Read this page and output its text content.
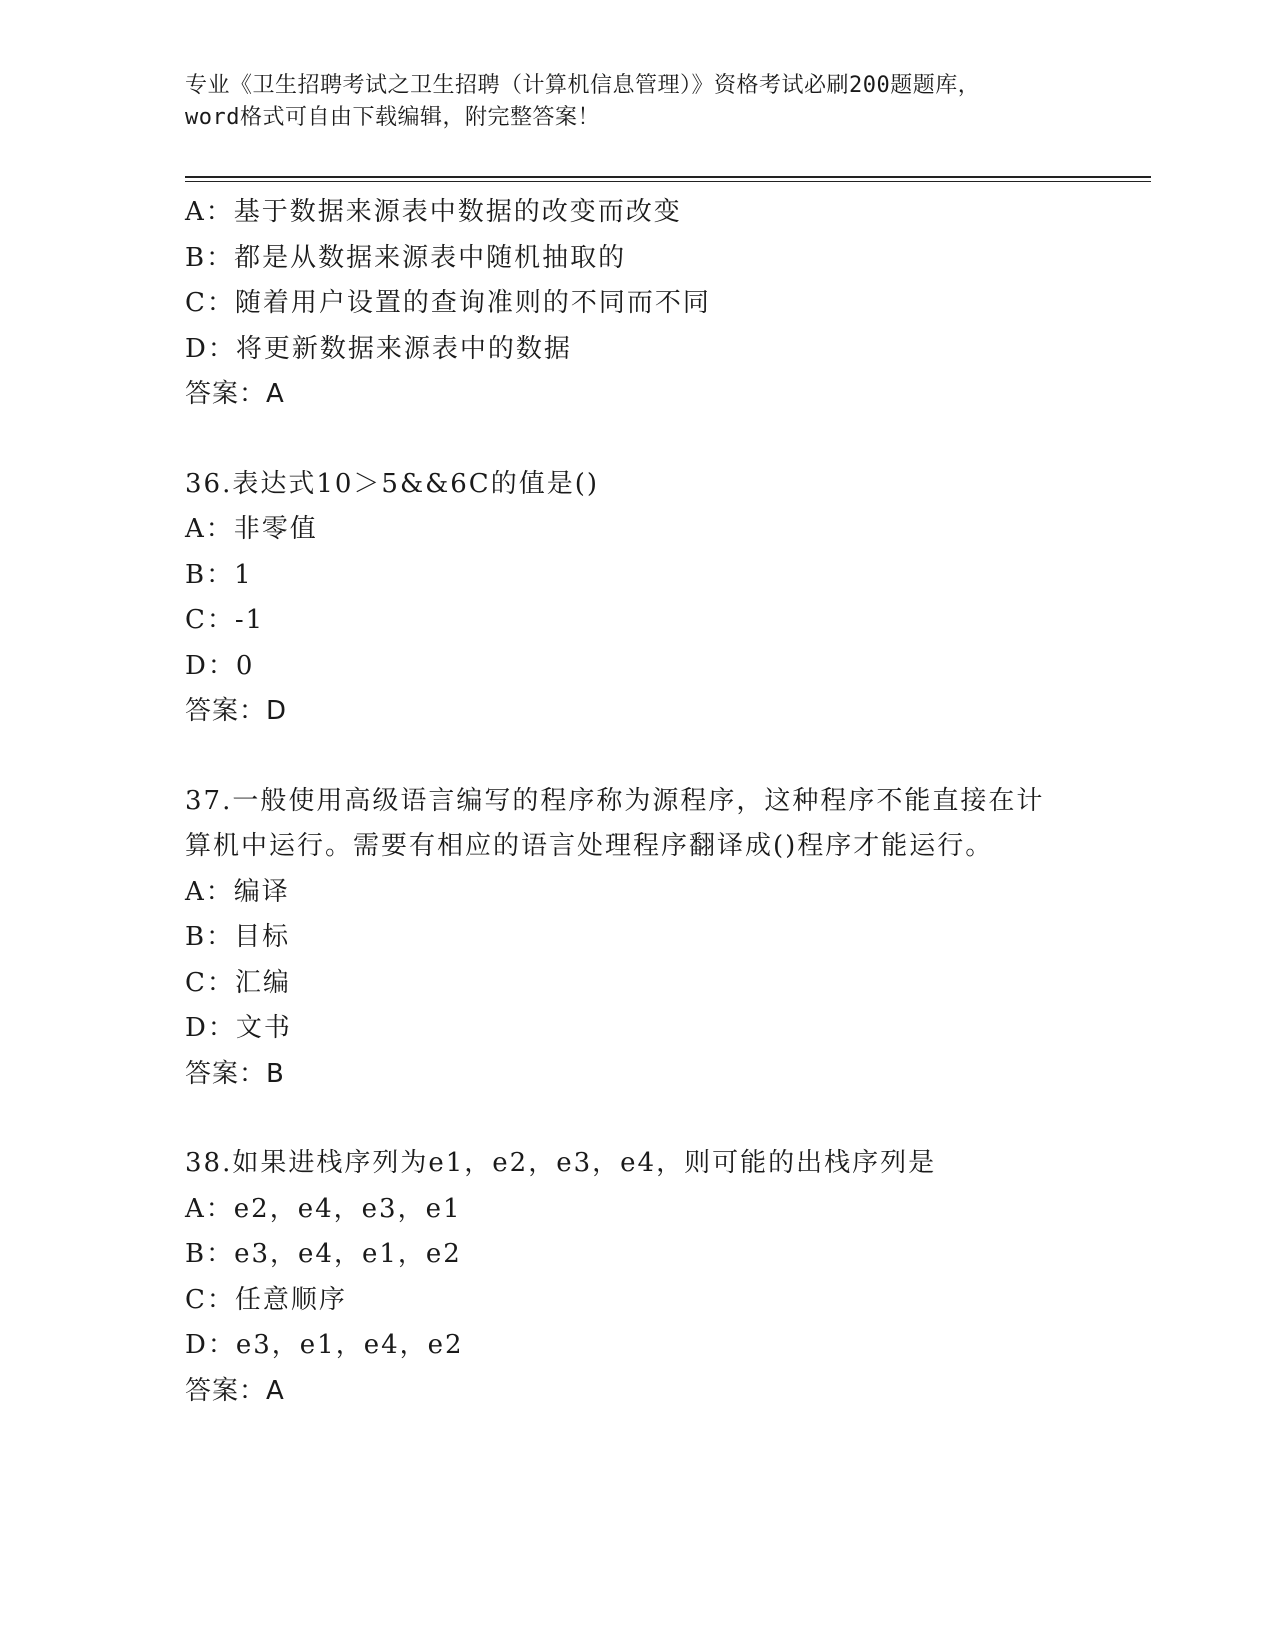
专业《卫生招聘考试之卫生招聘（计算机信息管理）》资格考试必刷200题题库，
word格式可自由下载编辑，附完整答案！
A：基于数据来源表中数据的改变而改变
B：都是从数据来源表中随机抽取的
C：随着用户设置的查询准则的不同而不同
D：将更新数据来源表中的数据
答案：A
36.表达式10＞5&&6C的值是()
A：非零值
B：1
C：-1
D：0
答案：D
37.一般使用高级语言编写的程序称为源程序，这种程序不能直接在计
算机中运行。需要有相应的语言处理程序翻译成()程序才能运行。
A：编译
B：目标
C：汇编
D：文书
答案：B
38.如果进栈序列为e1，e2，e3，e4，则可能的出栈序列是
A：e2，e4，e3，e1
B：e3，e4，e1，e2
C：任意顺序
D：e3，e1，e4，e2
答案：A
